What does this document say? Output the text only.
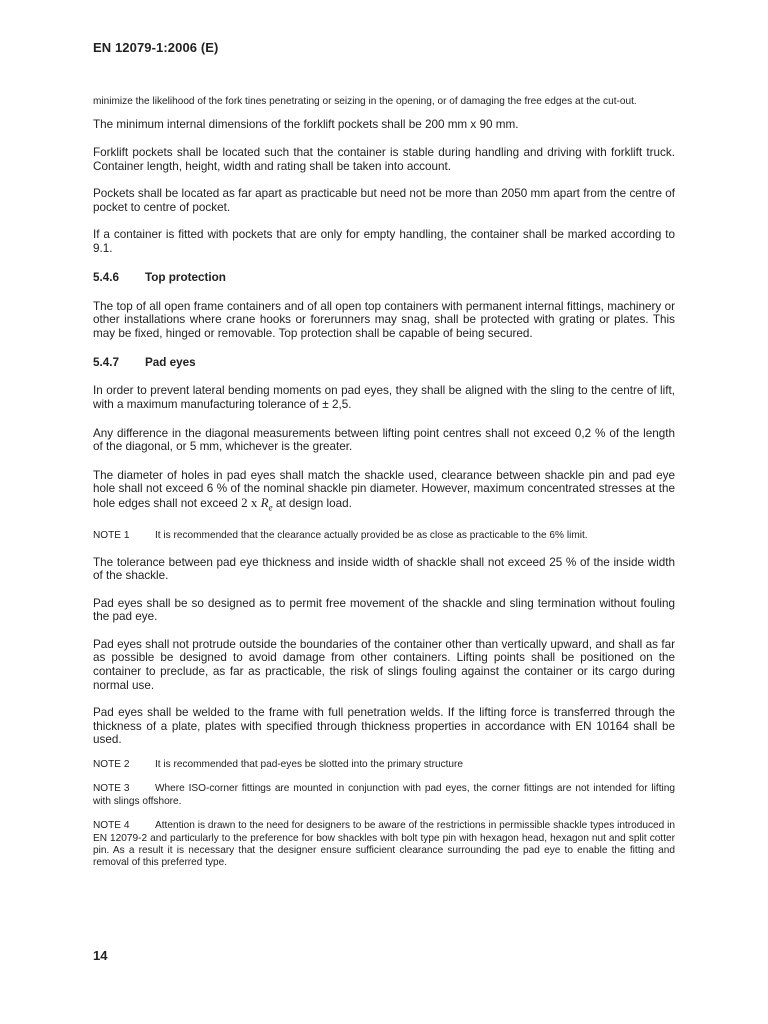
EN 12079-1:2006 (E)

minimize the likelihood of the fork tines penetrating or seizing in the opening, or of damaging the free edges at the cut-out.

The minimum internal dimensions of the forklift pockets shall be 200 mm x 90 mm.

Forklift pockets shall be located such that the container is stable during handling and driving with forklift truck. Container length, height, width and rating shall be taken into account.

Pockets shall be located as far apart as practicable but need not be more than 2050 mm apart from the centre of pocket to centre of pocket.

If a container is fitted with pockets that are only for empty handling, the container shall be marked according to 9.1.

5.4.6 Top protection

The top of all open frame containers and of all open top containers with permanent internal fittings, machinery or other installations where crane hooks or forerunners may snag, shall be protected with grating or plates. This may be fixed, hinged or removable. Top protection shall be capable of being secured.

5.4.7 Pad eyes

In order to prevent lateral bending moments on pad eyes, they shall be aligned with the sling to the centre of lift, with a maximum manufacturing tolerance of ± 2,5.

Any difference in the diagonal measurements between lifting point centres shall not exceed 0,2 % of the length of the diagonal, or 5 mm, whichever is the greater.

The diameter of holes in pad eyes shall match the shackle used, clearance between shackle pin and pad eye hole shall not exceed 6 % of the nominal shackle pin diameter. However, maximum concentrated stresses at the hole edges shall not exceed 2 x $R_e$ at design load.

NOTE 1	It is recommended that the clearance actually provided be as close as practicable to the 6% limit.

The tolerance between pad eye thickness and inside width of shackle shall not exceed 25 % of the inside width of the shackle.

Pad eyes shall be so designed as to permit free movement of the shackle and sling termination without fouling the pad eye.

Pad eyes shall not protrude outside the boundaries of the container other than vertically upward, and shall as far as possible be designed to avoid damage from other containers. Lifting points shall be positioned on the container to preclude, as far as practicable, the risk of slings fouling against the container or its cargo during normal use.

Pad eyes shall be welded to the frame with full penetration welds. If the lifting force is transferred through the thickness of a plate, plates with specified through thickness properties in accordance with EN 10164 shall be used.

NOTE 2	It is recommended that pad-eyes be slotted into the primary structure

NOTE 3	Where ISO-corner fittings are mounted in conjunction with pad eyes, the corner fittings are not intended for lifting with slings offshore.

NOTE 4	Attention is drawn to the need for designers to be aware of the restrictions in permissible shackle types introduced in EN 12079-2 and particularly to the preference for bow shackles with bolt type pin with hexagon head, hexagon nut and split cotter pin. As a result it is necessary that the designer ensure sufficient clearance surrounding the pad eye to enable the fitting and removal of this preferred type.

14
